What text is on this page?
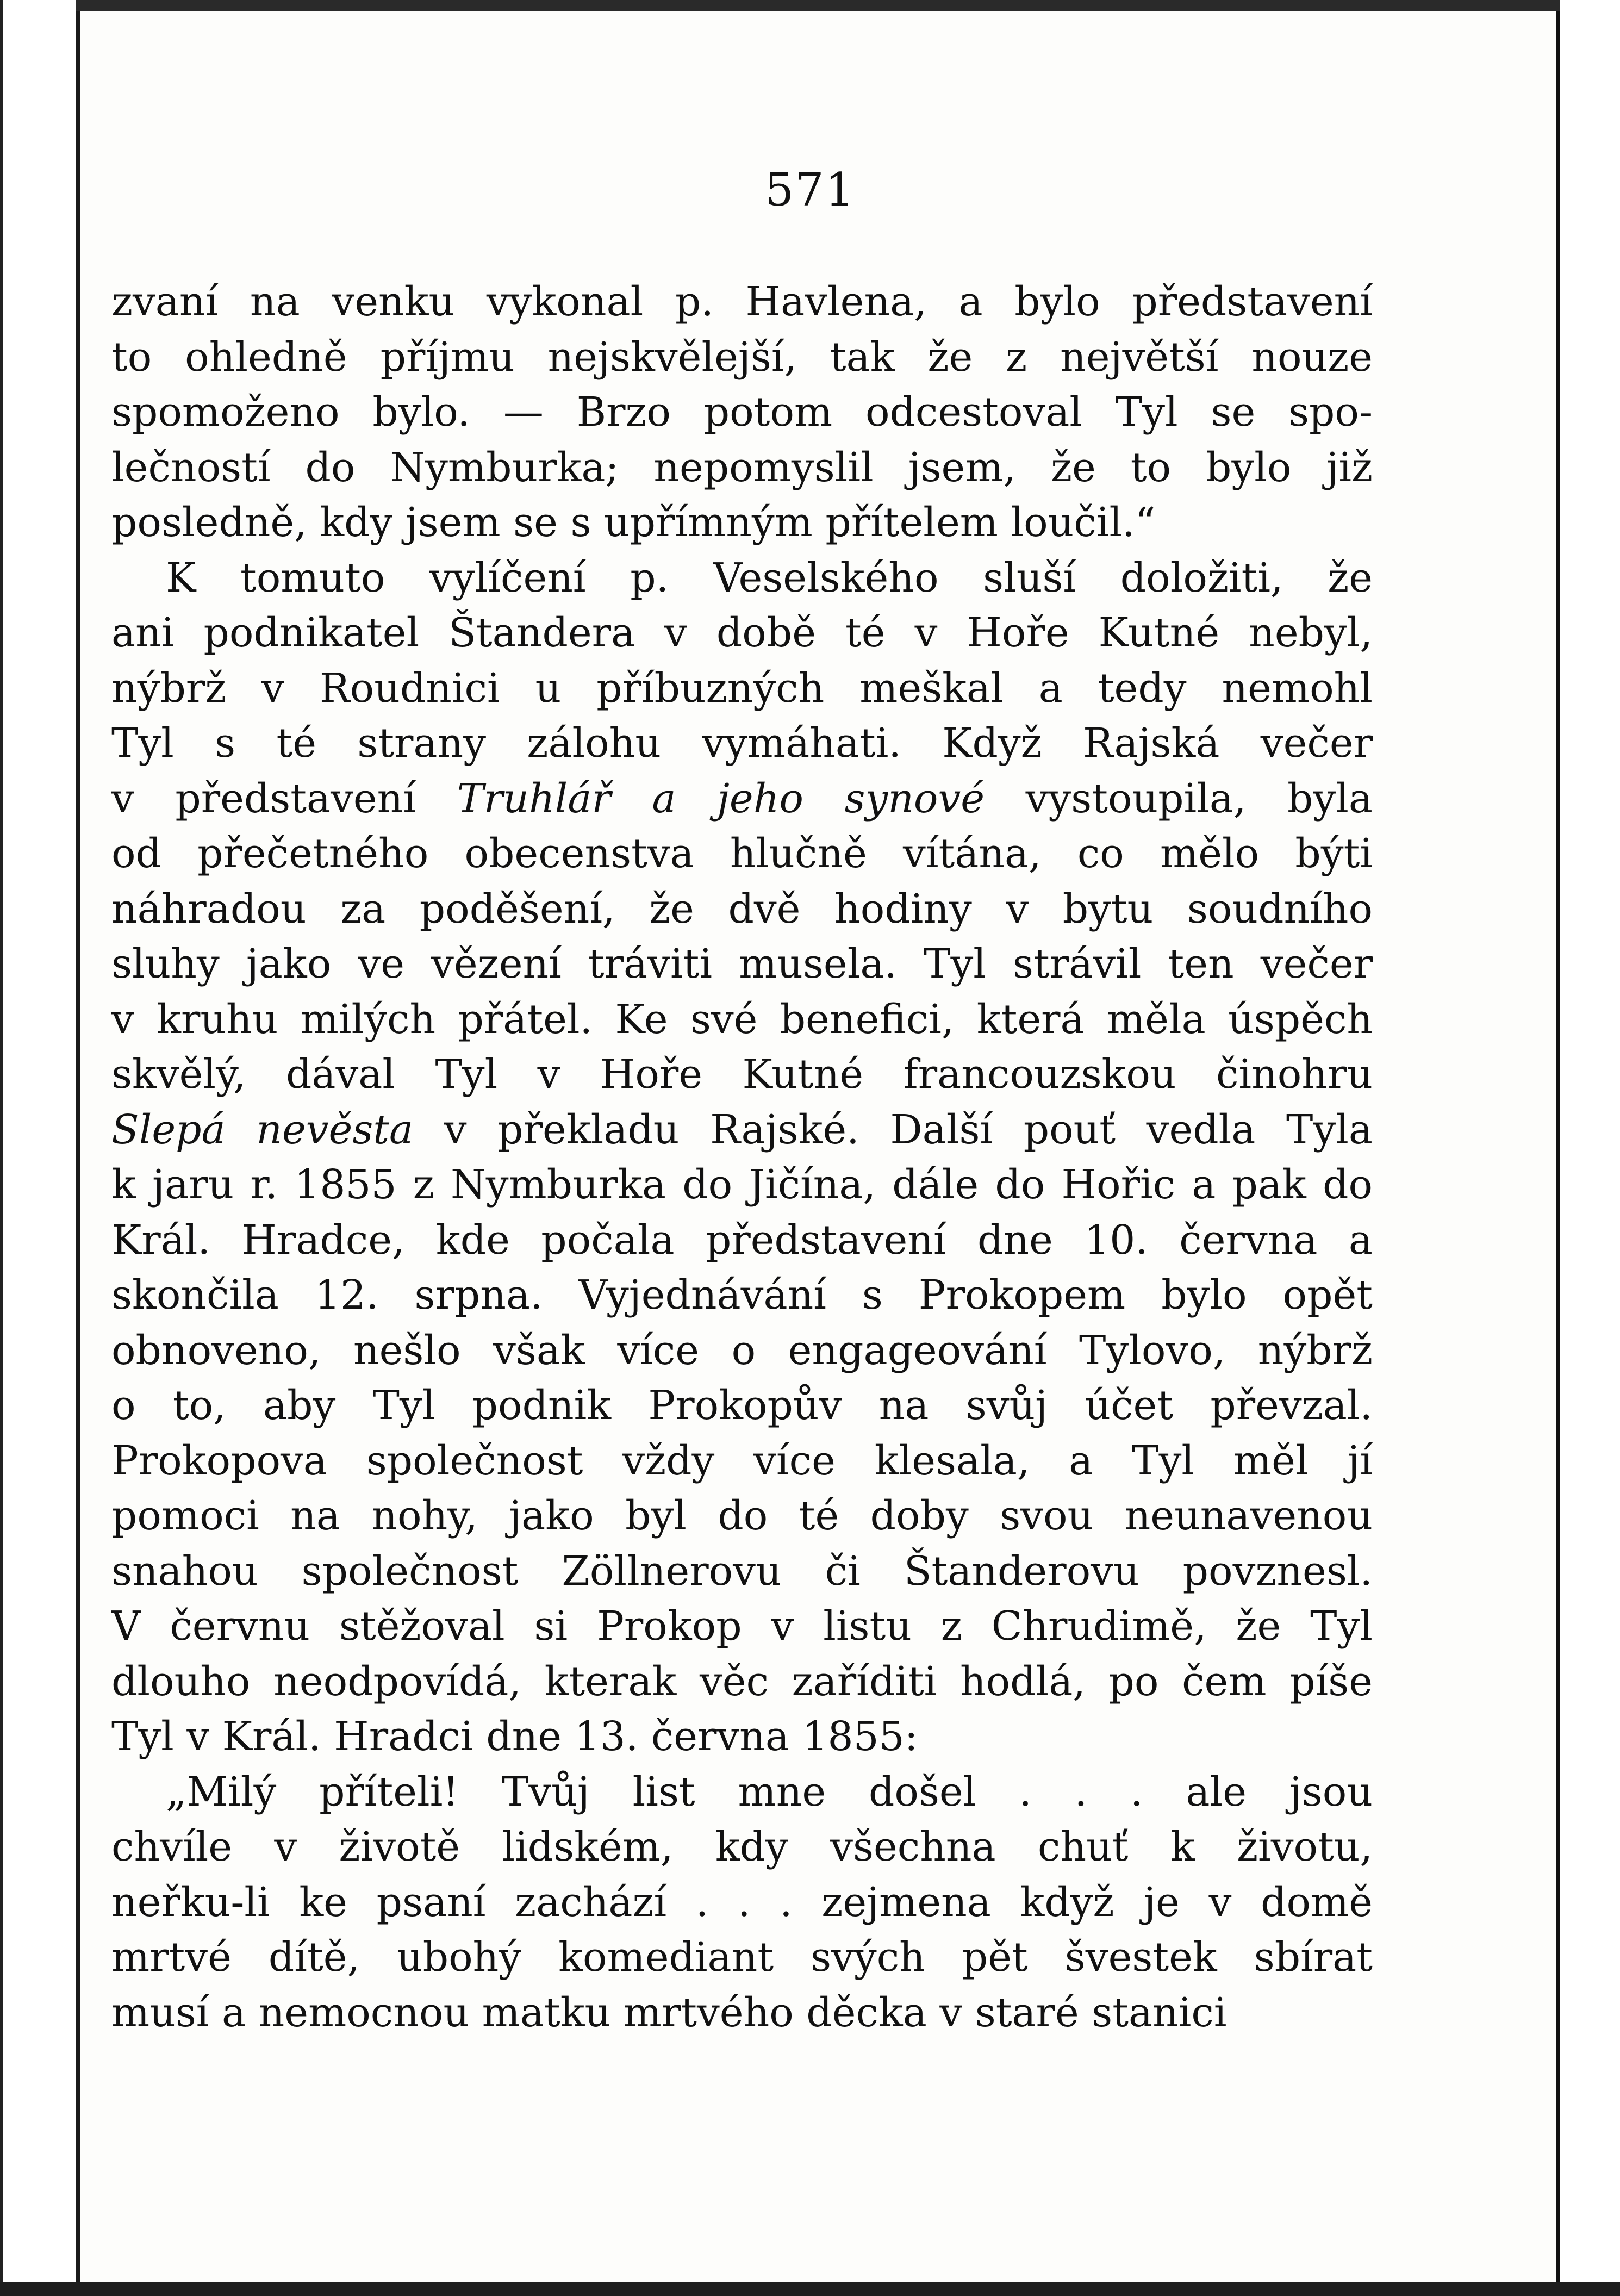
571
zvaní na venku vykonal p. Havlena, a bylo představení
to ohledně příjmu nejskvělejší, tak že z největší nouze
spomoženo bylo. — Brzo potom odcestoval Tyl se spo-
lečností do Nymburka; nepomyslil jsem, že to bylo již
posledně, kdy jsem se s upřímným přítelem loučil.“
K tomuto vylíčení p. Veselského sluší doložiti, že
ani podnikatel Štandera v době té v Hoře Kutné nebyl,
nýbrž v Roudnici u příbuzných meškal a tedy nemohl
Tyl s té strany zálohu vymáhati. Když Rajská večer
v představení Truhlář a jeho synové vystoupila, byla
od přečetného obecenstva hlučně vítána, co mělo býti
náhradou za poděšení, že dvě hodiny v bytu soudního
sluhy jako ve vězení tráviti musela. Tyl strávil ten večer
v kruhu milých přátel. Ke své benefici, která měla úspěch
skvělý, dával Tyl v Hoře Kutné francouzskou činohru
Slepá nevěsta v překladu Rajské. Další pouť vedla Tyla
k jaru r. 1855 z Nymburka do Jičína, dále do Hořic a pak do
Král. Hradce, kde počala představení dne 10. června a
skončila 12. srpna. Vyjednávání s Prokopem bylo opět
obnoveno, nešlo však více o engageování Tylovo, nýbrž
o to, aby Tyl podnik Prokopův na svůj účet převzal.
Prokopova společnost vždy více klesala, a Tyl měl jí
pomoci na nohy, jako byl do té doby svou neunavenou
snahou společnost Zöllnerovu či Štanderovu povznesl.
V červnu stěžoval si Prokop v listu z Chrudimě, že Tyl
dlouho neodpovídá, kterak věc zaříditi hodlá, po čem píše
Tyl v Král. Hradci dne 13. června 1855:
„Milý příteli! Tvůj list mne došel . . . ale jsou
chvíle v životě lidském, kdy všechna chuť k životu,
neřku-li ke psaní zachází . . . zejmena když je v domě
mrtvé dítě, ubohý komediant svých pět švestek sbírat
musí a nemocnou matku mrtvého děcka v staré stanici
